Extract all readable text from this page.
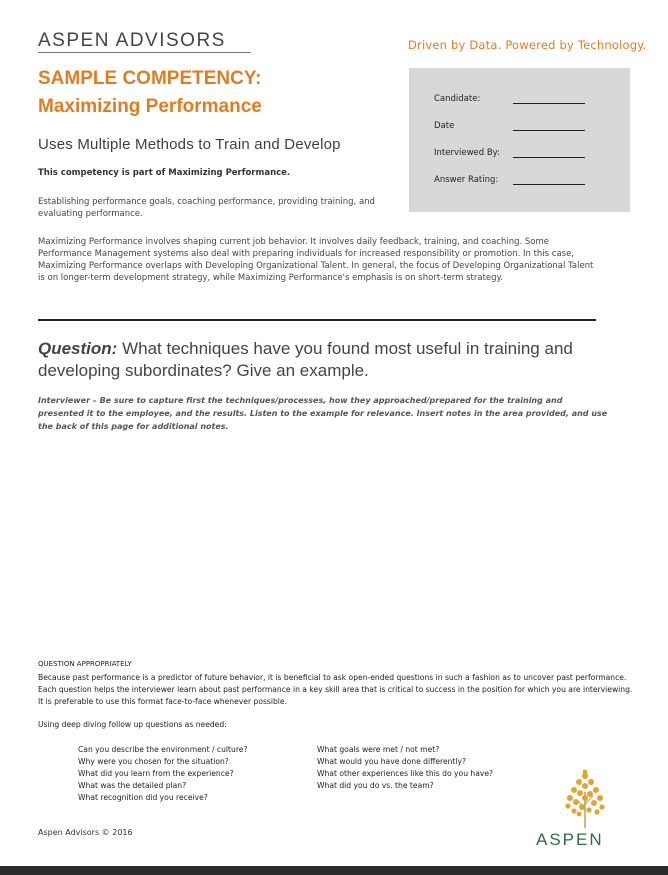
ASPEN ADVISORS	Driven by Data. Powered by Technology.
SAMPLE COMPETENCY:
Maximizing Performance
Uses Multiple Methods to Train and Develop
This competency is part of Maximizing Performance.

Establishing performance goals, coaching performance, providing training, and evaluating performance.

Maximizing Performance involves shaping current job behavior. It involves daily feedback, training, and coaching. Some Performance Management systems also deal with preparing individuals for increased responsibility or promotion. In this case, Maximizing Performance overlaps with Developing Organizational Talent. In general, the focus of Developing Organizational Talent is on longer-term development strategy, while Maximizing Performance's emphasis is on short-term strategy.

Candidate:
Date
Interviewed By:
Answer Rating:
Question: What techniques have you found most useful in training and developing subordinates? Give an example.
Interviewer – Be sure to capture first the techniques/processes, how they approached/prepared for the training and presented it to the employee, and the results. Listen to the example for relevance. Insert notes in the area provided, and use the back of this page for additional notes.
QUESTION APPROPRIATELY

Because past performance is a predictor of future behavior, it is beneficial to ask open-ended questions in such a fashion as to uncover past performance. Each question helps the interviewer learn about past performance in a key skill area that is critical to success in the position for which you are interviewing. It is preferable to use this format face-to-face whenever possible.

Using deep diving follow up questions as needed:
Can you describe the environment / culture?
Why were you chosen for the situation?
What did you learn from the experience?
What was the detailed plan?
What recognition did you receive?
What goals were met / not met?
What would you have done differently?
What other experiences like this do you have?
What did you do vs. the team?
Aspen Advisors © 2016	ASPEN
